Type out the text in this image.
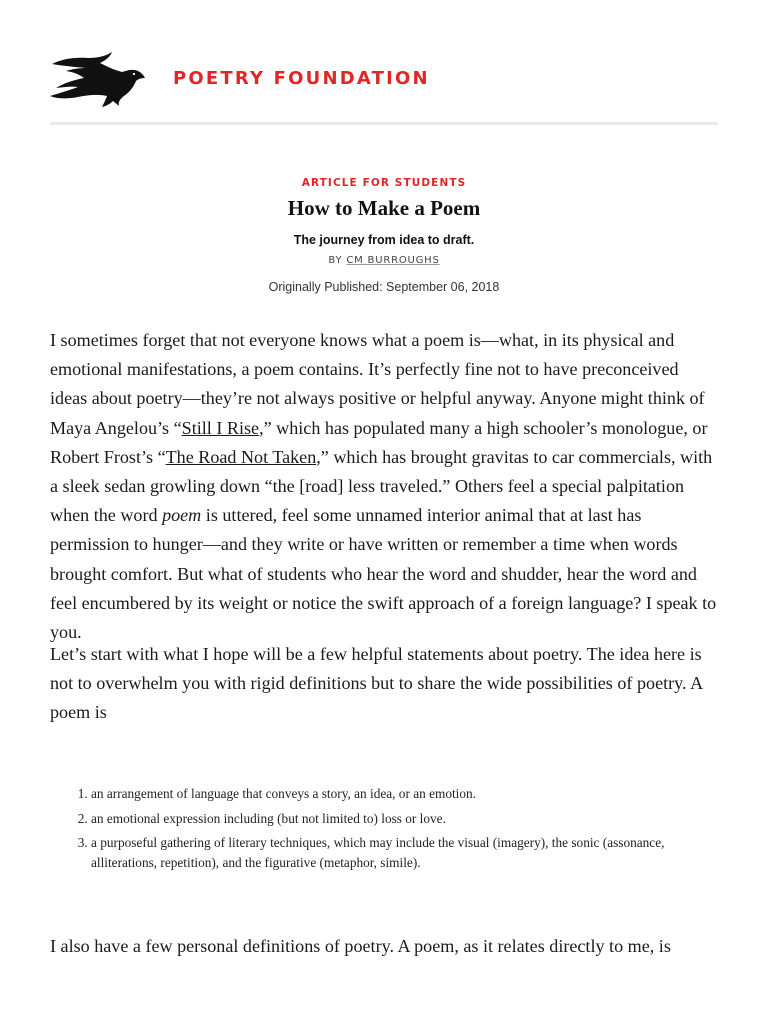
POETRY FOUNDATION
ARTICLE FOR STUDENTS
How to Make a Poem
The journey from idea to draft.
BY CM BURROUGHS
Originally Published: September 06, 2018

I sometimes forget that not everyone knows what a poem is—what, in its physical and emotional manifestations, a poem contains. It’s perfectly fine not to have preconceived ideas about poetry—they’re not always positive or helpful anyway. Anyone might think of Maya Angelou’s “Still I Rise,” which has populated many a high schooler’s monologue, or Robert Frost’s “The Road Not Taken,” which has brought gravitas to car commercials, with a sleek sedan growling down “the [road] less traveled.” Others feel a special palpitation when the word poem is uttered, feel some unnamed interior animal that at last has permission to hunger—and they write or have written or remember a time when words brought comfort. But what of students who hear the word and shudder, hear the word and feel encumbered by its weight or notice the swift approach of a foreign language? I speak to you.

Let’s start with what I hope will be a few helpful statements about poetry. The idea here is not to overwhelm you with rigid definitions but to share the wide possibilities of poetry. A poem is

1. an arrangement of language that conveys a story, an idea, or an emotion.
2. an emotional expression including (but not limited to) loss or love.
3. a purposeful gathering of literary techniques, which may include the visual (imagery), the sonic (assonance, alliterations, repetition), and the figurative (metaphor, simile).

I also have a few personal definitions of poetry. A poem, as it relates directly to me, is
